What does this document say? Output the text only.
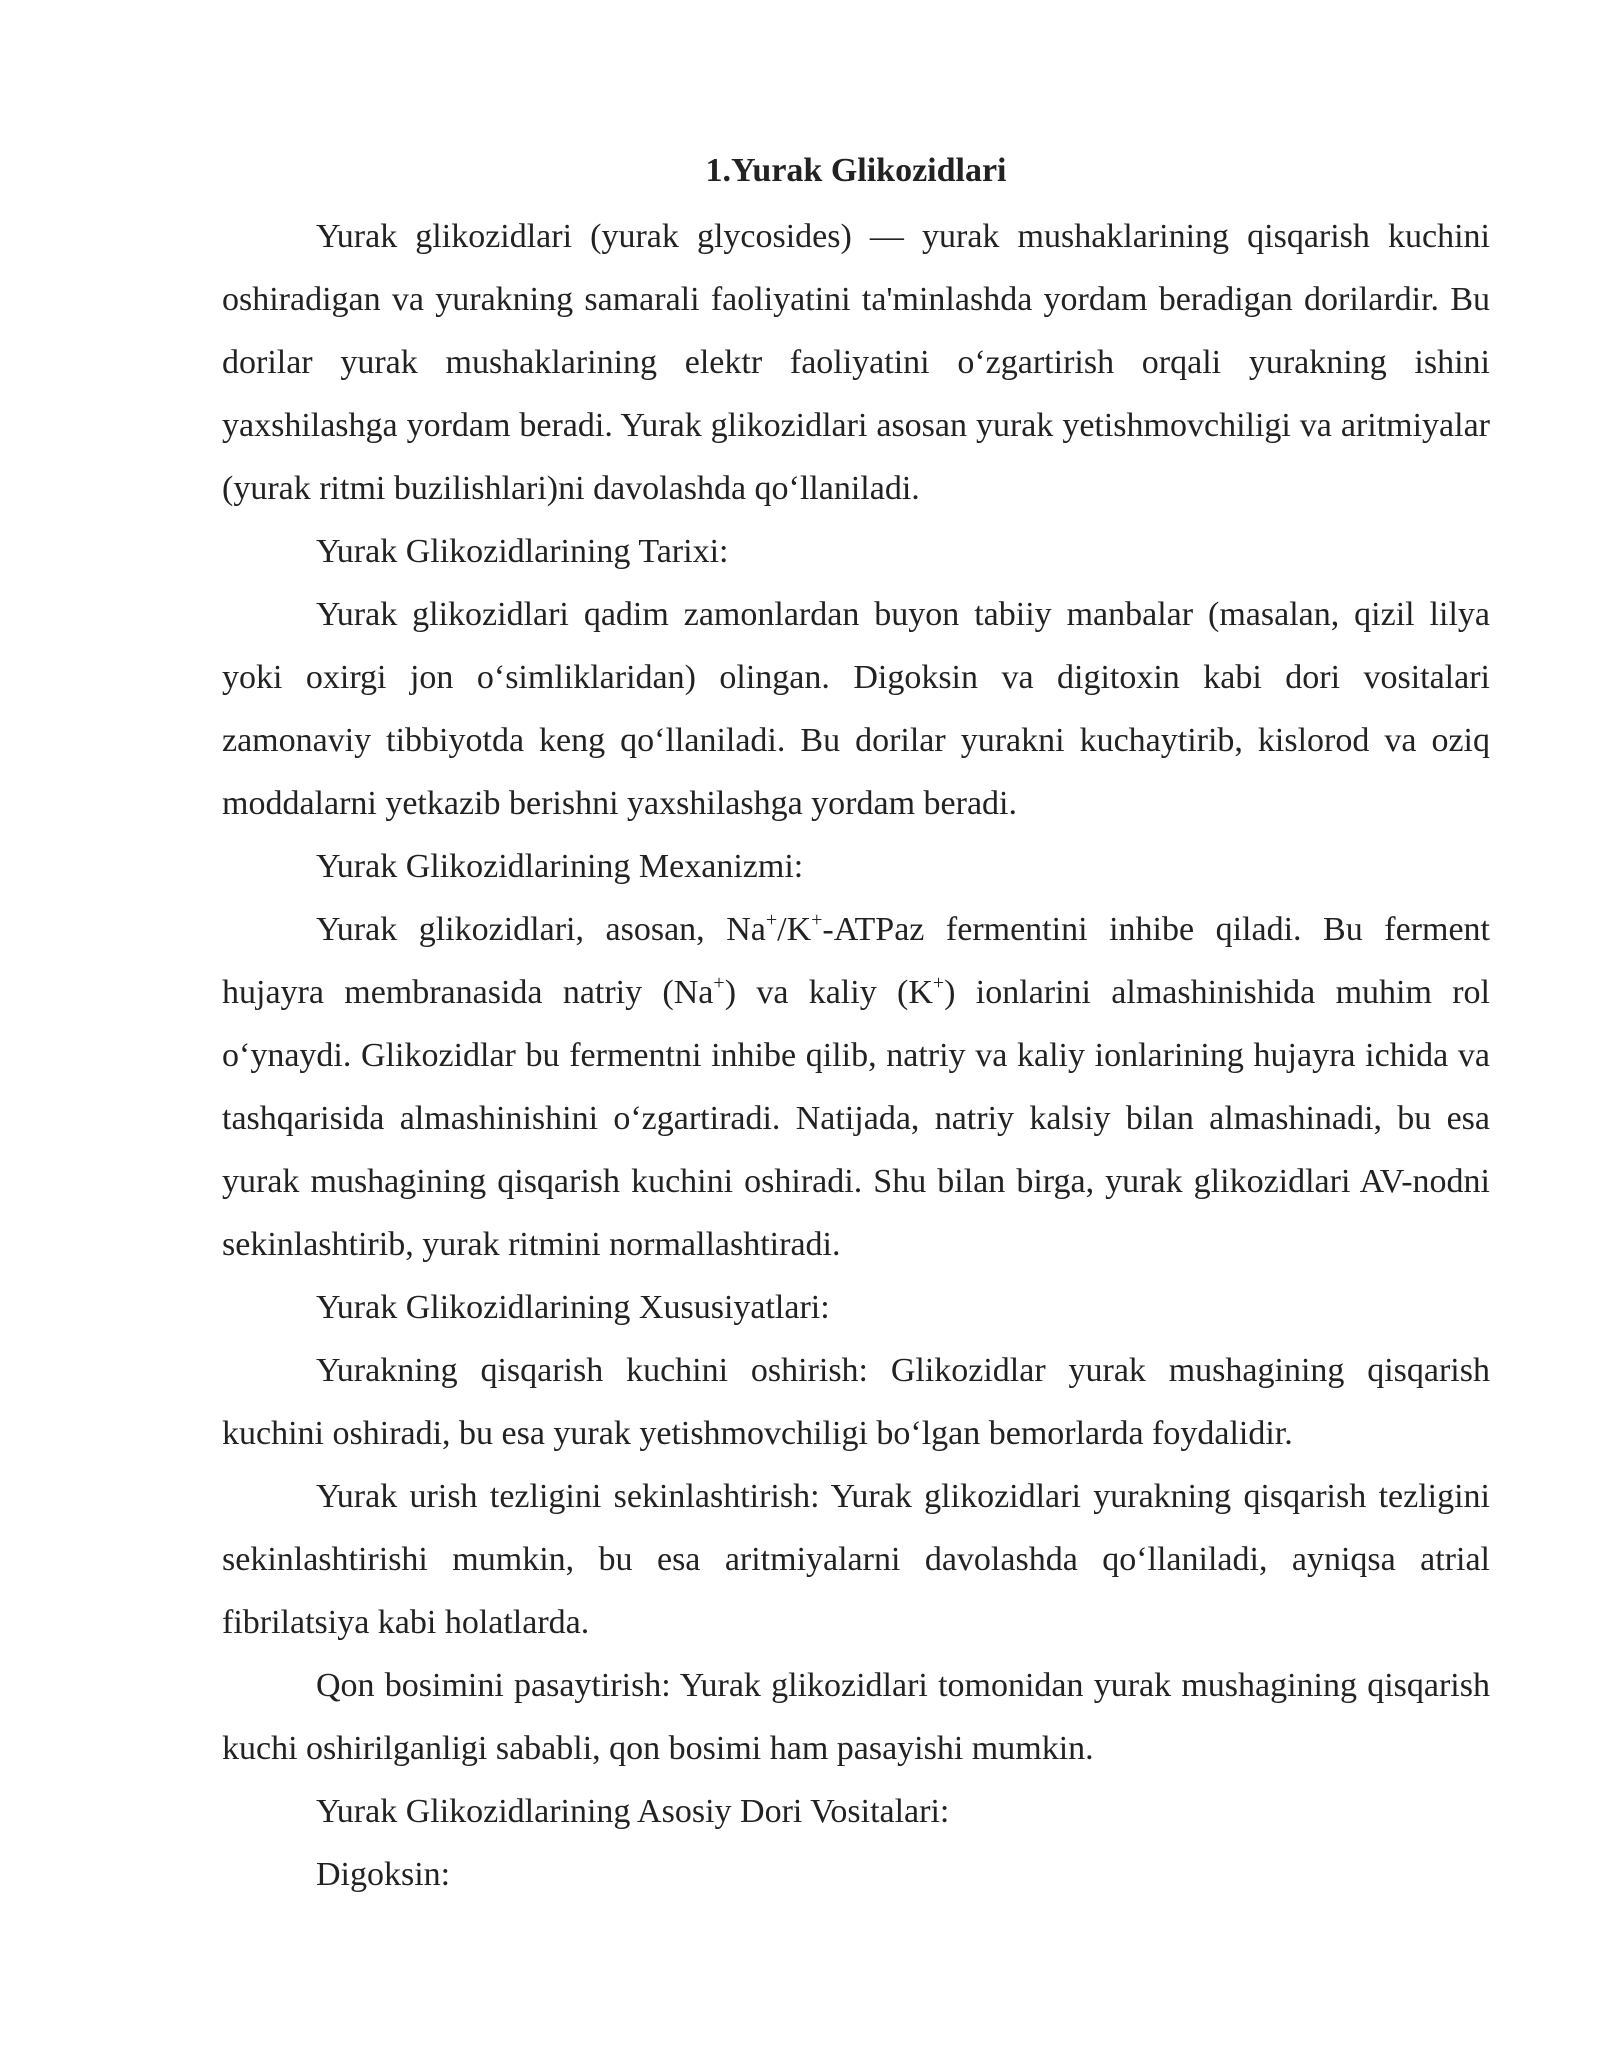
1.Yurak Glikozidlari

Yurak glikozidlari (yurak glycosides) — yurak mushaklarining qisqarish kuchini oshiradigan va yurakning samarali faoliyatini ta'minlashda yordam beradigan dorilardir. Bu dorilar yurak mushaklarining elektr faoliyatini o‘zgartirish orqali yurakning ishini yaxshilashga yordam beradi. Yurak glikozidlari asosan yurak yetishmovchiligi va aritmiyalar (yurak ritmi buzilishlari)ni davolashda qo‘llaniladi.

Yurak Glikozidlarining Tarixi:

Yurak glikozidlari qadim zamonlardan buyon tabiiy manbalar (masalan, qizil lilya yoki oxirgi jon o‘simliklaridan) olingan. Digoksin va digitoxin kabi dori vositalari zamonaviy tibbiyotda keng qo‘llaniladi. Bu dorilar yurakni kuchaytirib, kislorod va oziq moddalarni yetkazib berishni yaxshilashga yordam beradi.

Yurak Glikozidlarining Mexanizmi:

Yurak glikozidlari, asosan, Na+/K+-ATPaz fermentini inhibe qiladi. Bu ferment hujayra membranasida natriy (Na+) va kaliy (K+) ionlarini almashinishida muhim rol o‘ynaydi. Glikozidlar bu fermentni inhibe qilib, natriy va kaliy ionlarining hujayra ichida va tashqarisida almashinishini o‘zgartiradi. Natijada, natriy kalsiy bilan almashinadi, bu esa yurak mushagining qisqarish kuchini oshiradi. Shu bilan birga, yurak glikozidlari AV-nodni sekinlashtirib, yurak ritmini normallashtiradi.

Yurak Glikozidlarining Xususiyatlari:

Yurakning qisqarish kuchini oshirish: Glikozidlar yurak mushagining qisqarish kuchini oshiradi, bu esa yurak yetishmovchiligi bo‘lgan bemorlarda foydalidir.

Yurak urish tezligini sekinlashtirish: Yurak glikozidlari yurakning qisqarish tezligini sekinlashtirishi mumkin, bu esa aritmiyalarni davolashda qo‘llaniladi, ayniqsa atrial fibrilatsiya kabi holatlarda.

Qon bosimini pasaytirish: Yurak glikozidlari tomonidan yurak mushagining qisqarish kuchi oshirilganligi sababli, qon bosimi ham pasayishi mumkin.

Yurak Glikozidlarining Asosiy Dori Vositalari:

Digoksin:
